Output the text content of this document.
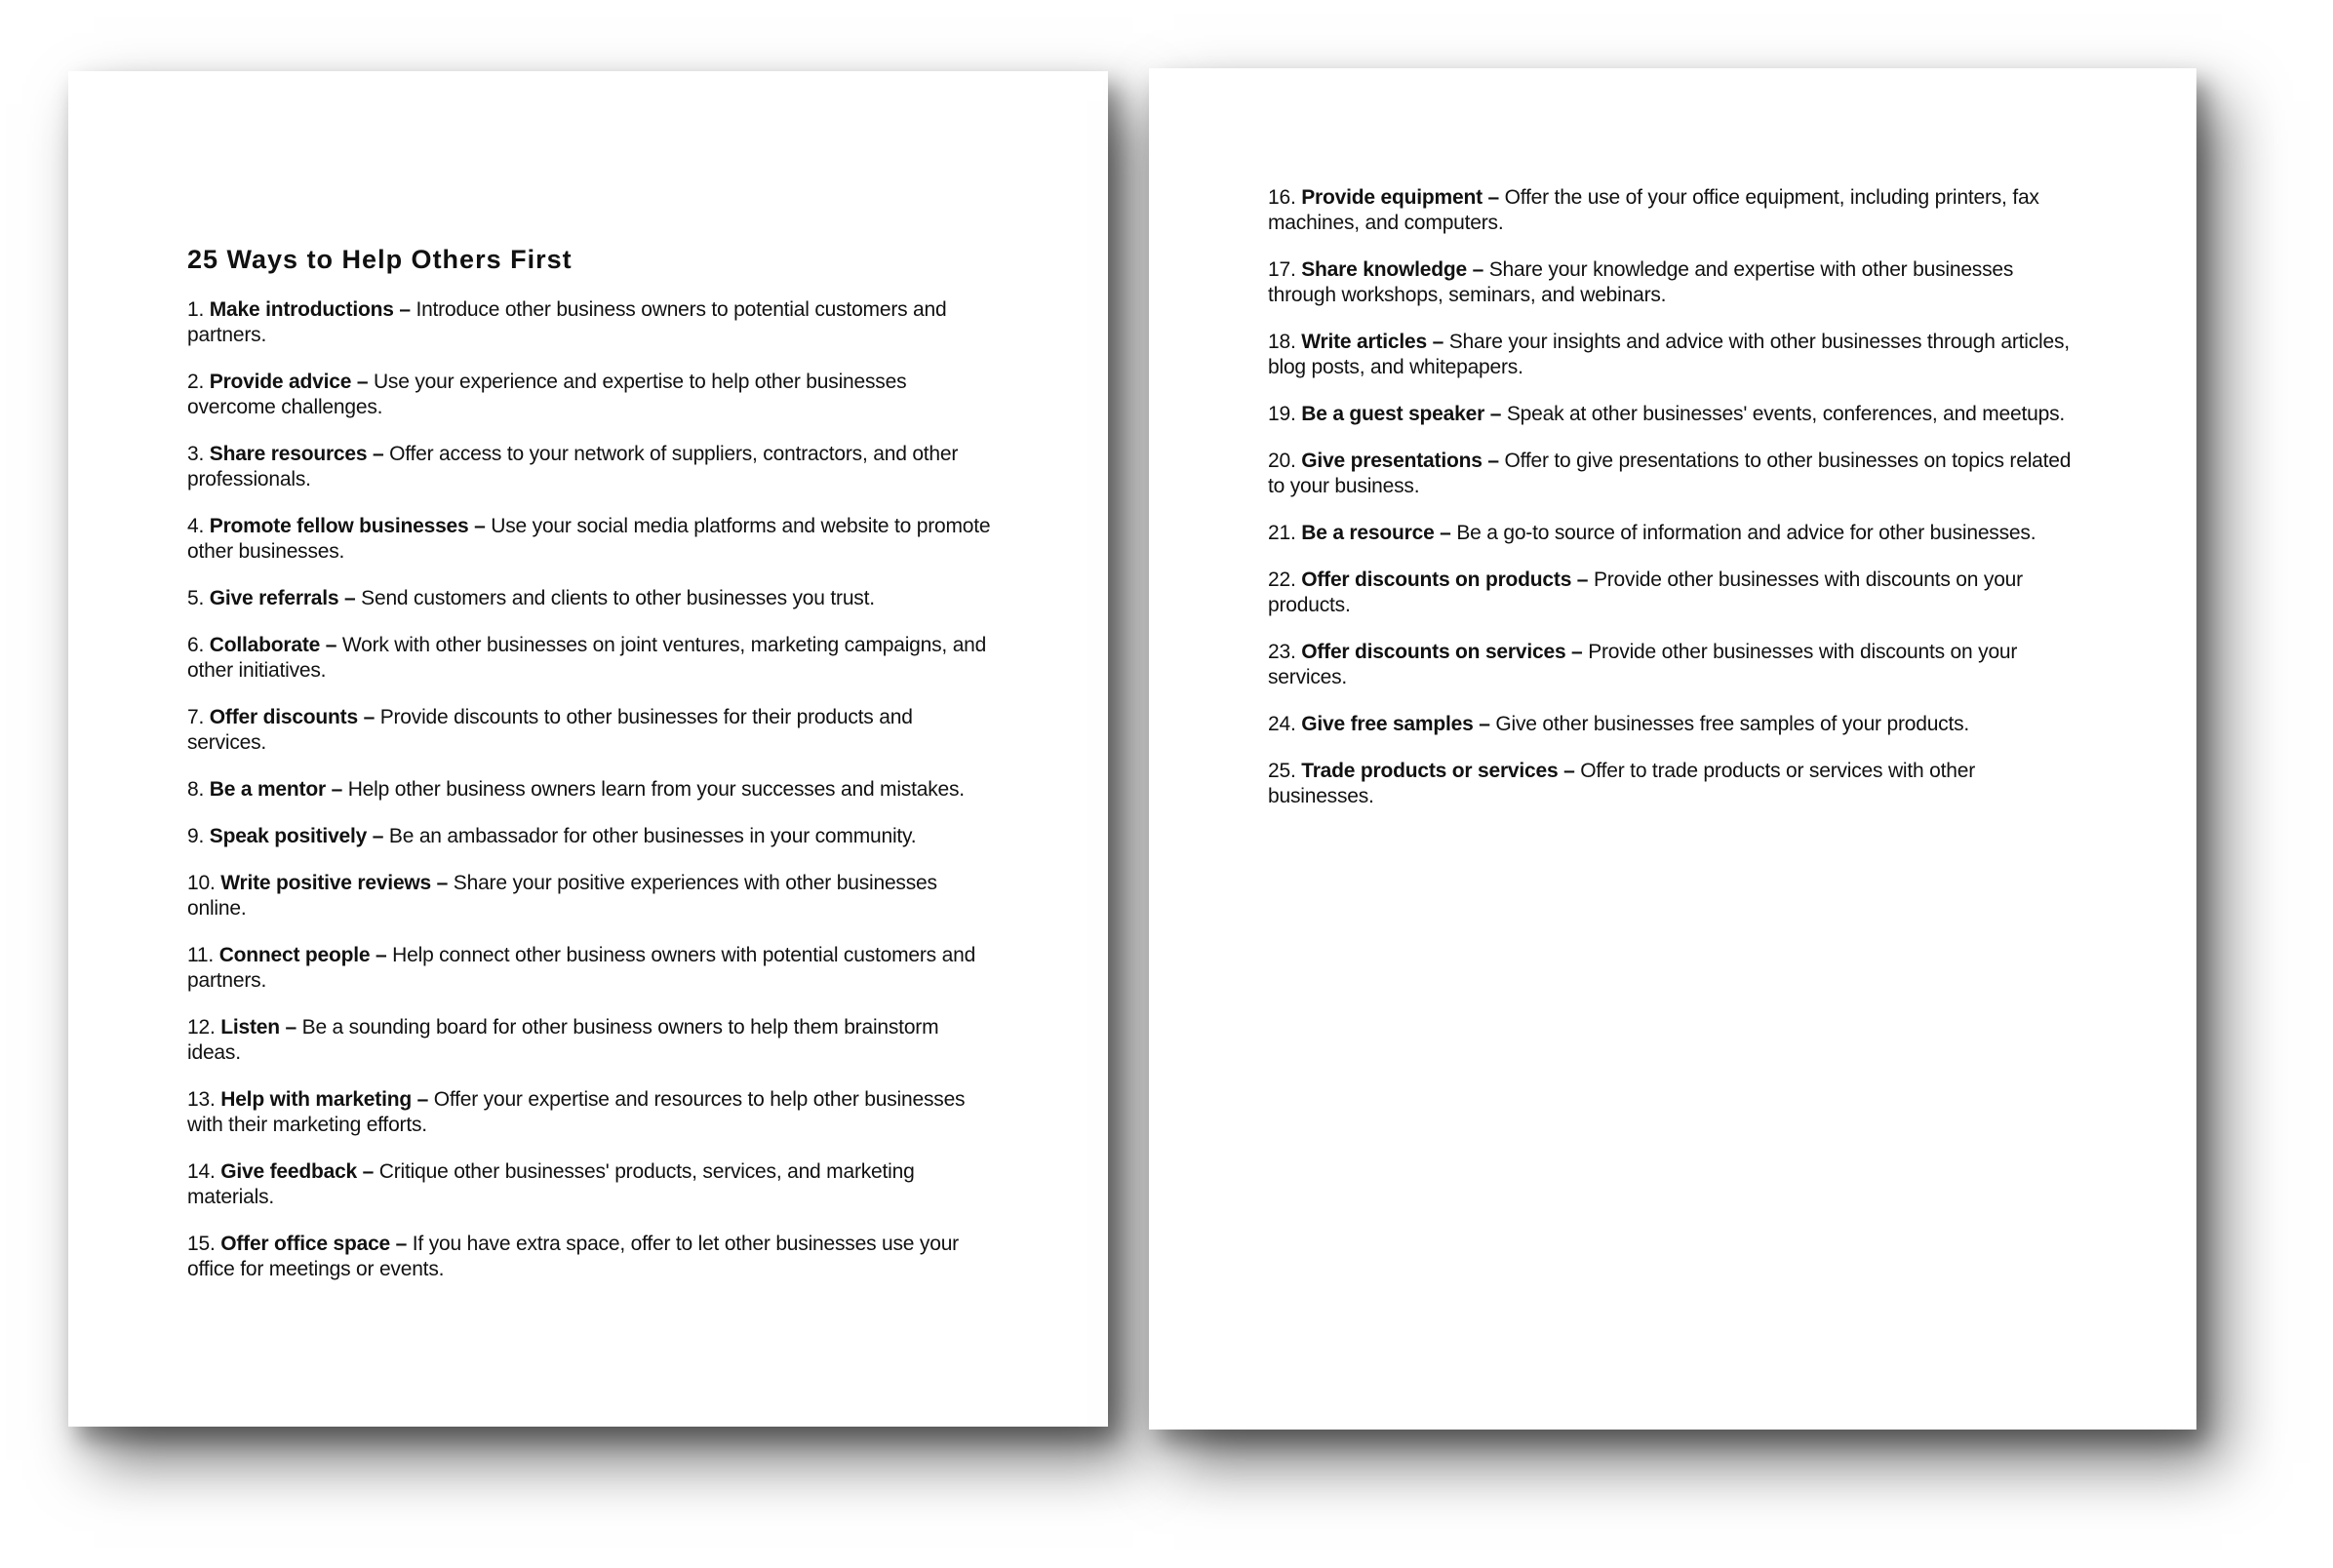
25 Ways to Help Others First
1. Make introductions – Introduce other business owners to potential customers and partners.
2. Provide advice – Use your experience and expertise to help other businesses overcome challenges.
3. Share resources – Offer access to your network of suppliers, contractors, and other professionals.
4. Promote fellow businesses – Use your social media platforms and website to promote other businesses.
5. Give referrals – Send customers and clients to other businesses you trust.
6. Collaborate – Work with other businesses on joint ventures, marketing campaigns, and other initiatives.
7. Offer discounts – Provide discounts to other businesses for their products and services.
8. Be a mentor – Help other business owners learn from your successes and mistakes.
9. Speak positively – Be an ambassador for other businesses in your community.
10. Write positive reviews – Share your positive experiences with other businesses online.
11. Connect people – Help connect other business owners with potential customers and partners.
12. Listen – Be a sounding board for other business owners to help them brainstorm ideas.
13. Help with marketing – Offer your expertise and resources to help other businesses with their marketing efforts.
14. Give feedback – Critique other businesses' products, services, and marketing materials.
15. Offer office space – If you have extra space, offer to let other businesses use your office for meetings or events.
16. Provide equipment – Offer the use of your office equipment, including printers, fax machines, and computers.
17. Share knowledge – Share your knowledge and expertise with other businesses through workshops, seminars, and webinars.
18. Write articles – Share your insights and advice with other businesses through articles, blog posts, and whitepapers.
19. Be a guest speaker – Speak at other businesses' events, conferences, and meetups.
20. Give presentations – Offer to give presentations to other businesses on topics related to your business.
21. Be a resource – Be a go-to source of information and advice for other businesses.
22. Offer discounts on products – Provide other businesses with discounts on your products.
23. Offer discounts on services – Provide other businesses with discounts on your services.
24. Give free samples – Give other businesses free samples of your products.
25. Trade products or services – Offer to trade products or services with other businesses.
